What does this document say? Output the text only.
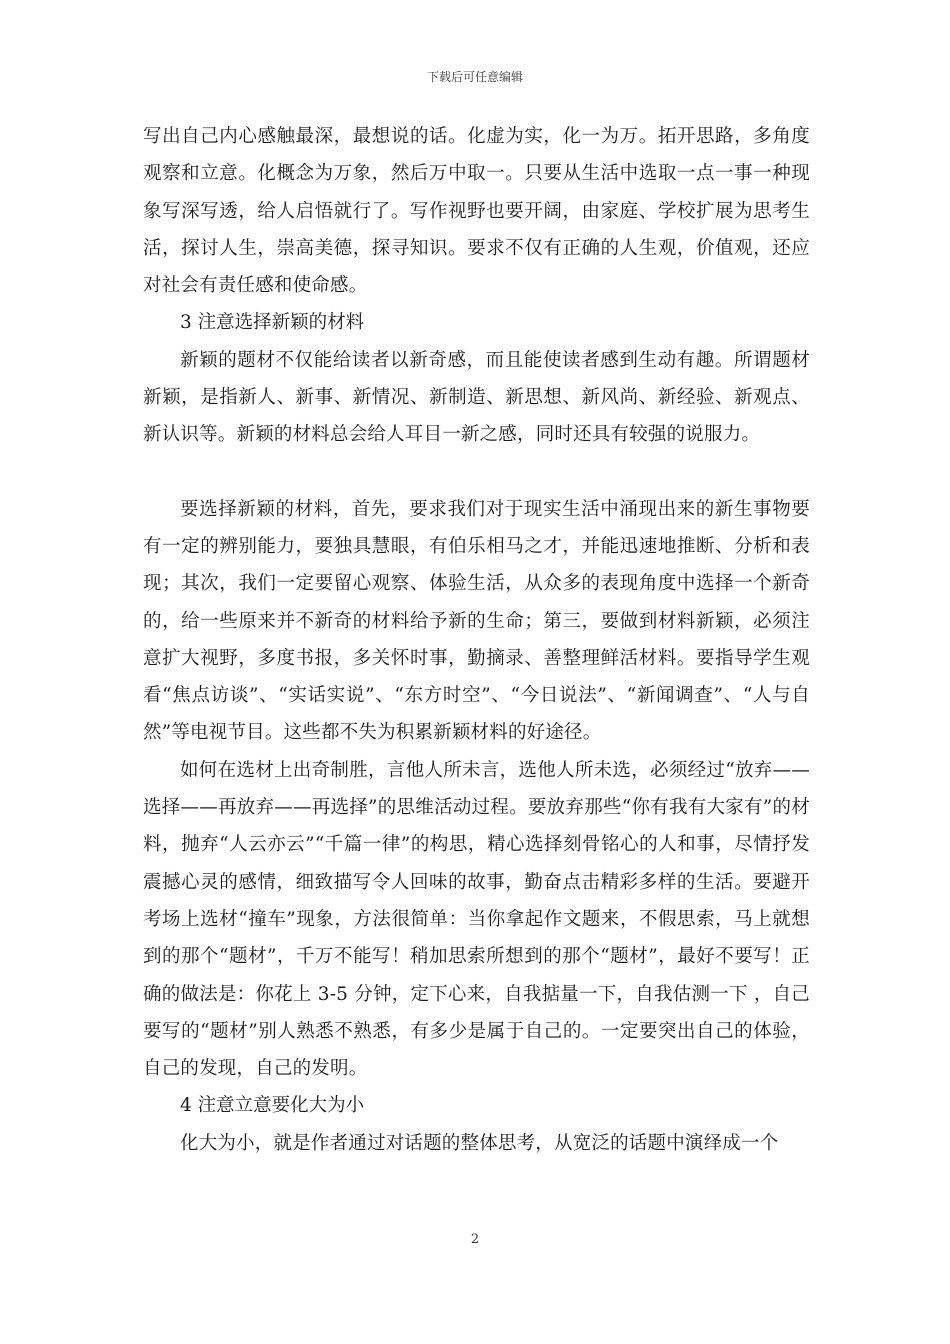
下载后可任意编辑

写出自己内心感触最深，最想说的话。化虚为实，化一为万。拓开思路，多角度观察和立意。化概念为万象，然后万中取一。只要从生活中选取一点一事一种现象写深写透，给人启悟就行了。写作视野也要开阔，由家庭、学校扩展为思考生活，探讨人生，崇高美德，探寻知识。要求不仅有正确的人生观，价值观，还应对社会有责任感和使命感。

3 注意选择新颖的材料

新颖的题材不仅能给读者以新奇感，而且能使读者感到生动有趣。所谓题材新颖，是指新人、新事、新情况、新制造、新思想、新风尚、新经验、新观点、新认识等。新颖的材料总会给人耳目一新之感，同时还具有较强的说服力。

要选择新颖的材料，首先，要求我们对于现实生活中涌现出来的新生事物要有一定的辨别能力，要独具慧眼，有伯乐相马之才，并能迅速地推断、分析和表现；其次，我们一定要留心观察、体验生活，从众多的表现角度中选择一个新奇的，给一些原来并不新奇的材料给予新的生命；第三，要做到材料新颖，必须注意扩大视野，多度书报，多关怀时事，勤摘录、善整理鲜活材料。要指导学生观看“焦点访谈”、“实话实说”、“东方时空”、“今日说法”、“新闻调查”、“人与自然”等电视节目。这些都不失为积累新颖材料的好途径。

如何在选材上出奇制胜，言他人所未言，选他人所未选，必须经过“放弃——选择——再放弃——再选择”的思维活动过程。要放弃那些“你有我有大家有”的材料，抛弃“人云亦云”“千篇一律”的构思，精心选择刻骨铭心的人和事，尽情抒发震撼心灵的感情，细致描写令人回味的故事，勤奋点击精彩多样的生活。要避开考场上选材“撞车”现象，方法很简单：当你拿起作文题来，不假思索，马上就想到的那个“题材”，千万不能写！稍加思索所想到的那个“题材”，最好不要写！正确的做法是：你花上 3-5 分钟，定下心来，自我掂量一下，自我估测一下 ，自己要写的“题材”别人熟悉不熟悉，有多少是属于自己的。一定要突出自己的体验，自己的发现，自己的发明。

4 注意立意要化大为小

化大为小，就是作者通过对话题的整体思考，从宽泛的话题中演绎成一个

2
